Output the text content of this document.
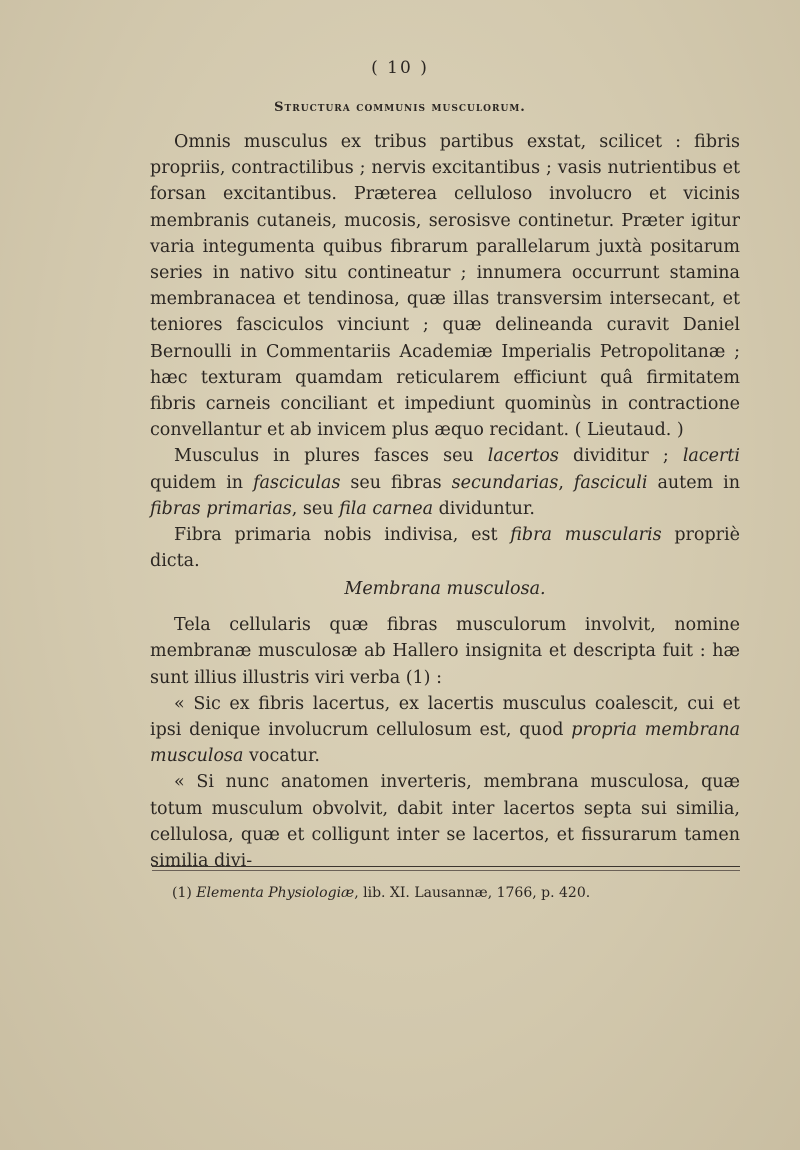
( 10 )
Structura communis musculorum.

Omnis musculus ex tribus partibus exstat, scilicet : fibris propriis, contractilibus ; nervis excitantibus ; vasis nutrientibus et forsan excitantibus. Præterea celluloso involucro et vicinis membranis cutaneis, mucosis, serosisve continetur. Præter igitur varia integumenta quibus fibrarum parallelarum juxtà positarum series in nativo situ contineatur ; innumera occurrunt stamina membranacea et tendinosa, quæ illas transversim intersecant, et teniores fasciculos vinciunt ; quæ delineanda curavit Daniel Bernoulli in Commentariis Academiæ Imperialis Petropolitanæ ; hæc texturam quamdam reticularem efficiunt quâ firmitatem fibris carneis conciliant et impediunt quominùs in contractione convellantur et ab invicem plus æquo recidant. ( Lieutaud. )

Musculus in plures fasces seu lacertos dividitur ; lacerti quidem in fasciculas seu fibras secundarias, fasciculi autem in fibras primarias, seu fila carnea dividuntur.

Fibra primaria nobis indivisa, est fibra muscularis propriè dicta.

Membrana musculosa.

Tela cellularis quæ fibras musculorum involvit, nomine membranæ musculosæ ab Hallero insignita et descripta fuit : hæ sunt illius illustris viri verba (1) :

« Sic ex fibris lacertus, ex lacertis musculus coalescit, cui et ipsi denique involucrum cellulosum est, quod propria membrana musculosa vocatur.

« Si nunc anatomen inverteris, membrana musculosa, quæ totum musculum obvolvit, dabit inter lacertos septa sui similia, cellulosa, quæ et colligunt inter se lacertos, et fissurarum tamen similia divi-

(1) Elementa Physiologiæ, lib. XI. Lausannæ, 1766, p. 420.
